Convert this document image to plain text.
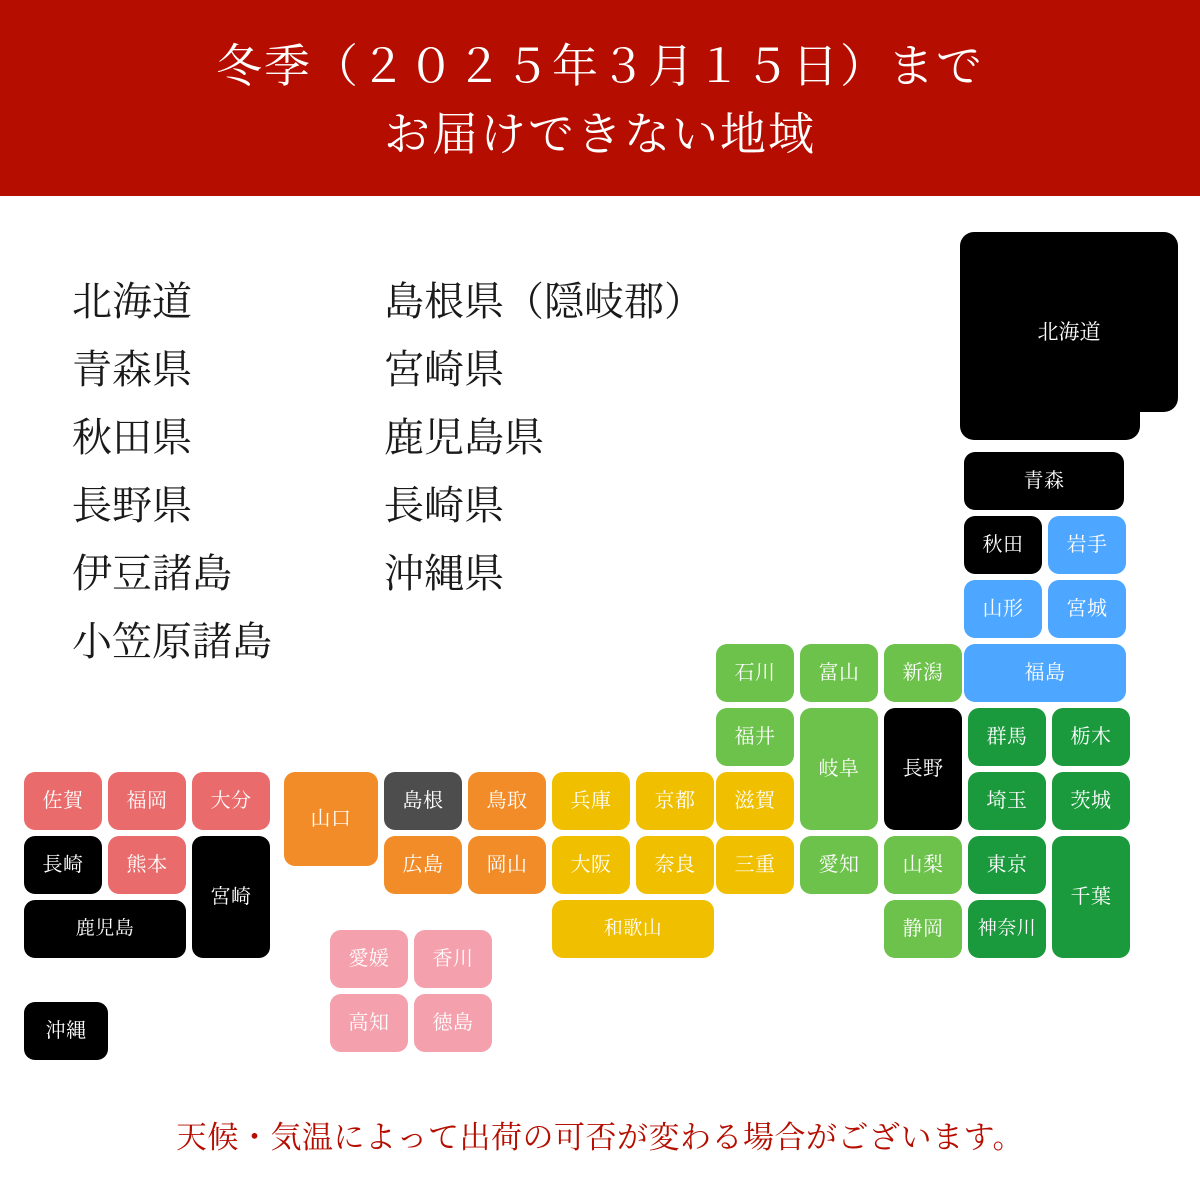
冬季（２０２５年３月１５日）まで
お届けできない地域
北海道
青森県
秋田県
長野県
伊豆諸島
小笠原諸島
島根県（隠岐郡）
宮崎県
鹿児島県
長崎県
沖縄県
北海道
青森
秋田	岩手
山形	宮城
福島
石川	富山	新潟
福井
岐阜	長野
群馬	栃木
滋賀
兵庫	京都
島根	鳥取
山口
埼玉	茨城
広島	岡山	大阪	奈良	三重	愛知	山梨	東京
千葉
和歌山	静岡	神奈川
愛媛	香川
高知	徳島
佐賀	福岡	大分
長崎	熊本
宮崎
鹿児島
沖縄
天候・気温によって出荷の可否が変わる場合がございます。
